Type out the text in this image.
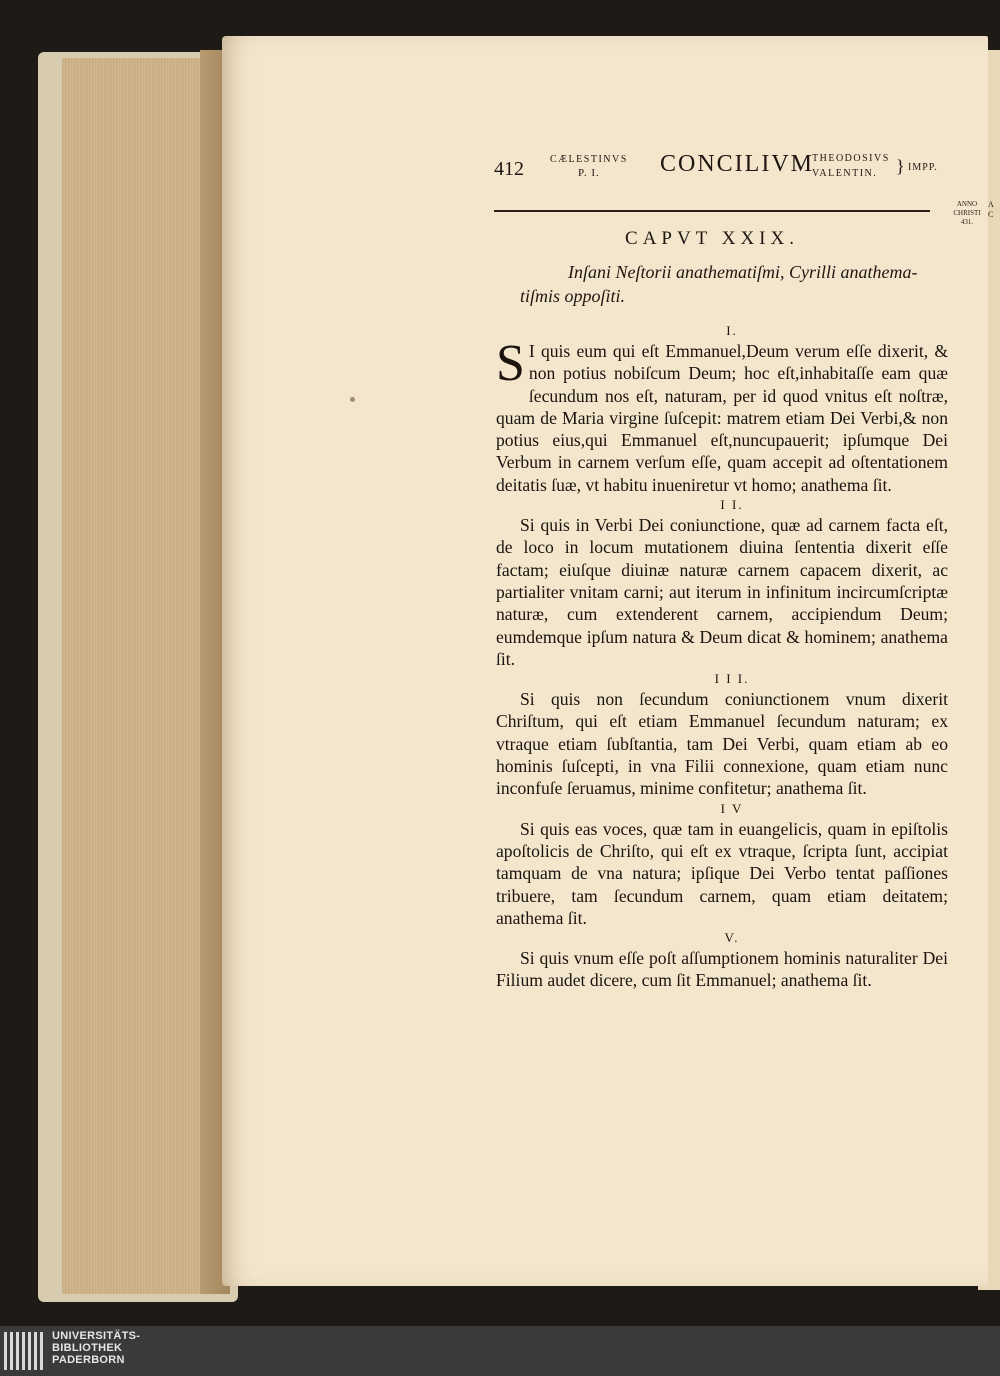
412	CÆLESTINVS
P. I.	CONCILIVM
THEODOSIVS
VALENTIN. } IMPP.
ANNO
CHRISTI
431.
A
C
CAPVT XXIX.
Inſani Neſtorii anathematiſmi, Cyrilli anathema-tiſmis oppoſiti.
I.
S I quis eum qui eſt Emmanuel,Deum verum eſſe dixerit, & non potius nobiſcum Deum; hoc eſt,inhabitaſſe eam quæ ſecundum nos eſt, naturam, per id quod vnitus eſt noſtræ, quam de Maria virgine ſuſcepit: matrem etiam Dei Verbi,& non potius eius,qui Emmanuel eſt,nuncupauerit; ipſumque Dei Verbum in carnem verſum eſſe, quam accepit ad oſtentationem deitatis ſuæ, vt habitu inueniretur vt homo; anathema ſit.
I I.
Si quis in Verbi Dei coniunctione, quæ ad carnem facta eſt, de loco in locum mutationem diuina ſententia dixerit eſſe factam; eiuſque diuinæ naturæ carnem capacem dixerit, ac partialiter vnitam carni; aut iterum in infinitum incircumſcriptæ naturæ, cum extenderent carnem, accipiendum Deum; eumdemque ipſum natura & Deum dicat & hominem; anathema ſit.
I I I.
Si quis non ſecundum coniunctionem vnum dixerit Chriſtum, qui eſt etiam Emmanuel ſecundum naturam; ex vtraque etiam ſubſtantia, tam Dei Verbi, quam etiam ab eo hominis ſuſcepti, in vna Filii connexione, quam etiam nunc inconfuſe ſeruamus, minime confitetur; anathema ſit.
I V
Si quis eas voces, quæ tam in euangelicis, quam in epiſtolis apoſtolicis de Chriſto, qui eſt ex vtraque, ſcripta ſunt, accipiat tamquam de vna natura; ipſique Dei Verbo tentat paſſiones tribuere, tam ſecundum carnem, quam etiam deitatem; anathema ſit.
V.
Si quis vnum eſſe poſt aſſumptionem hominis naturaliter Dei Filium audet dicere, cum ſit Emmanuel; anathema ſit.
UNIVERSITÄTS-
BIBLIOTHEK
PADERBORN
